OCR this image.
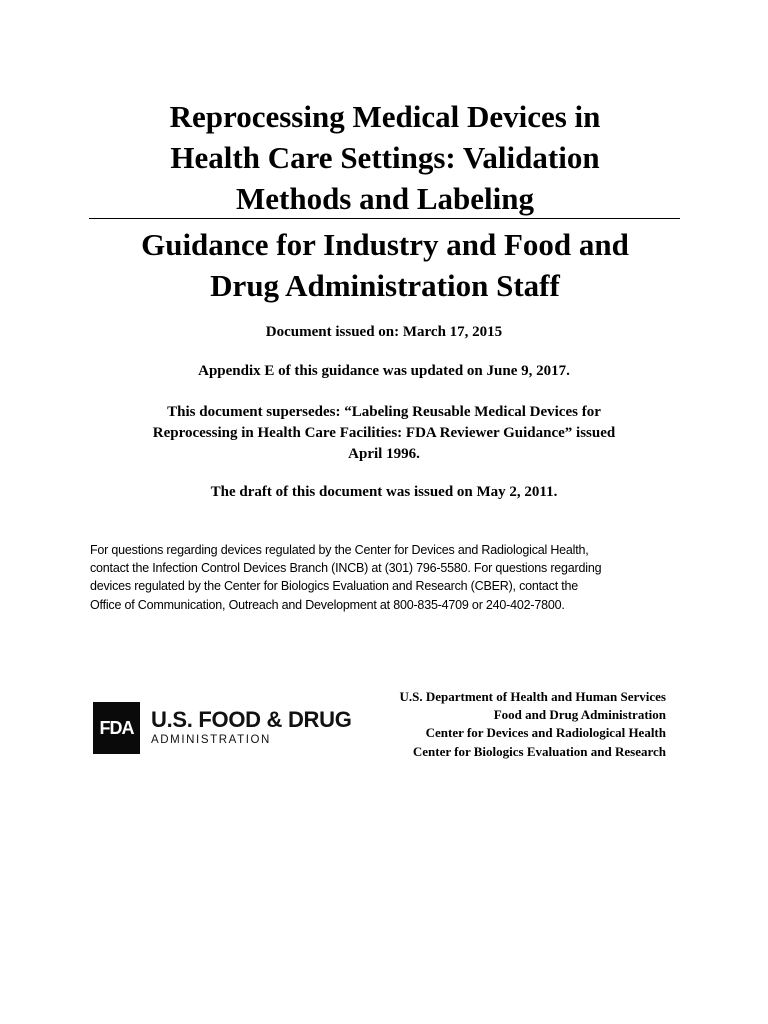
Reprocessing Medical Devices in
Health Care Settings: Validation
Methods and Labeling
Guidance for Industry and Food and
Drug Administration Staff

Document issued on: March 17, 2015

Appendix E of this guidance was updated on June 9, 2017.

This document supersedes: “Labeling Reusable Medical Devices for
Reprocessing in Health Care Facilities: FDA Reviewer Guidance” issued
April 1996.

The draft of this document was issued on May 2, 2011.

For questions regarding devices regulated by the Center for Devices and Radiological Health,
contact the Infection Control Devices Branch (INCB) at (301) 796-5580. For questions regarding
devices regulated by the Center for Biologics Evaluation and Research (CBER), contact the
Office of Communication, Outreach and Development at 800-835-4709 or 240-402-7800.
FDA U.S. FOOD & DRUG
ADMINISTRATION
U.S. Department of Health and Human Services
Food and Drug Administration
Center for Devices and Radiological Health
Center for Biologics Evaluation and Research
